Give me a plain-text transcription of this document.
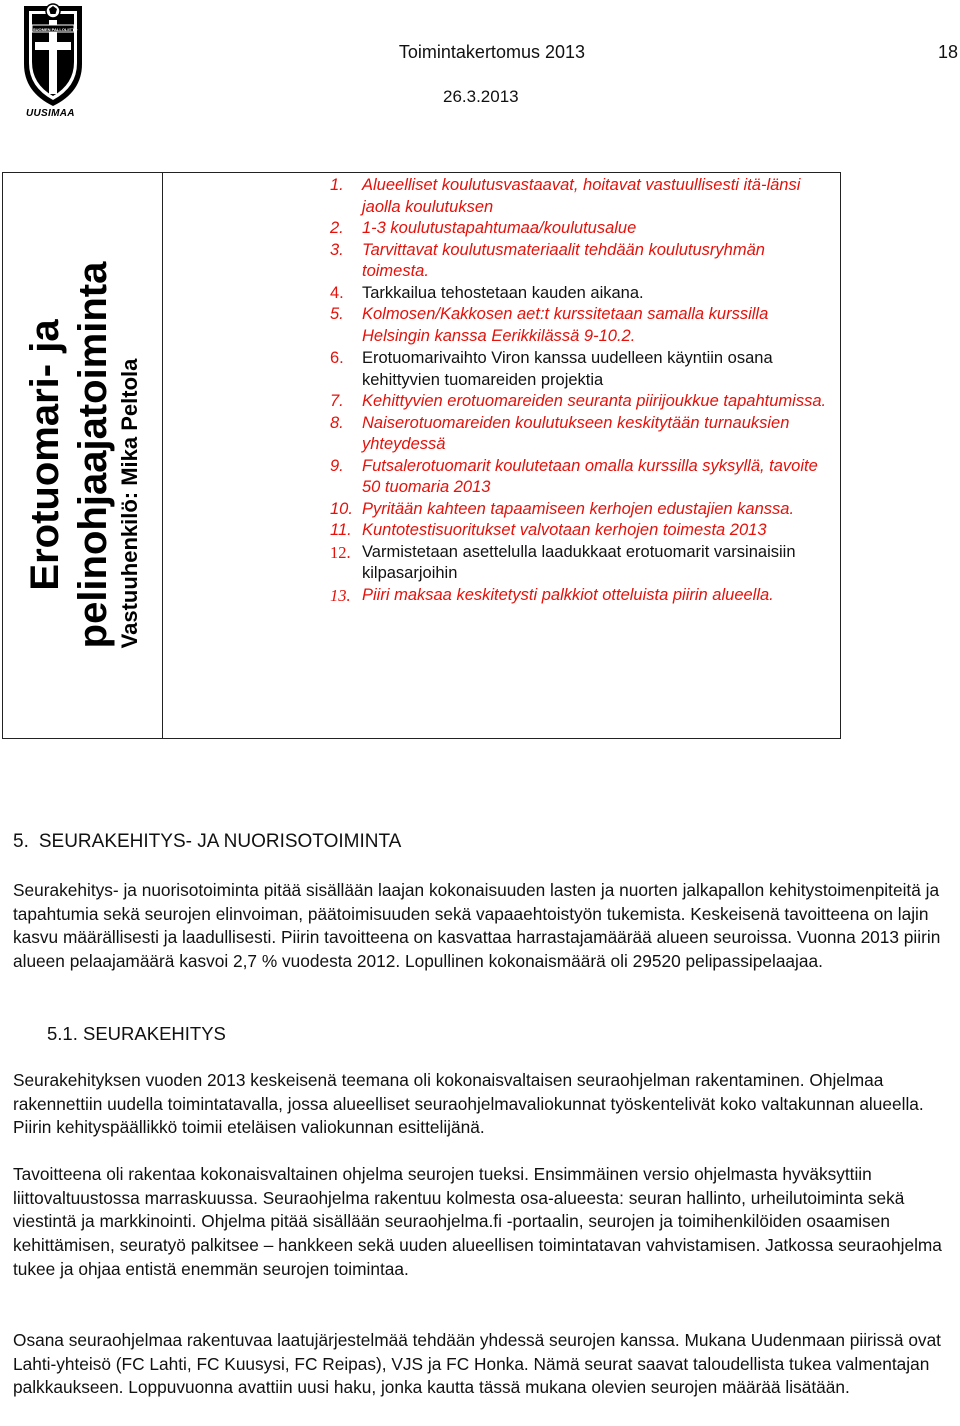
SUOMEN PALLOLIITTO
UUSIMAA
Toimintakertomus 2013	18
26.3.2013
Erotuomari- ja pelinohjaajatoiminta Vastuuhenkilö: Mika Peltola
1. Alueelliset koulutusvastaavat, hoitavat vastuullisesti itä-länsi jaolla koulutuksen
2. 1-3 koulutustapahtumaa/koulutusalue
3. Tarvittavat koulutusmateriaalit tehdään koulutusryhmän toimesta.
4. Tarkkailua tehostetaan kauden aikana.
5. Kolmosen/Kakkosen aet:t kurssitetaan samalla kurssilla Helsingin kanssa Eerikkilässä 9-10.2.
6. Erotuomarivaihto Viron kanssa uudelleen käyntiin osana kehittyvien tuomareiden projektia
7. Kehittyvien erotuomareiden seuranta piirijoukkue tapahtumissa.
8. Naiserotuomareiden koulutukseen keskitytään turnauksien yhteydessä
9. Futsalerotuomarit koulutetaan omalla kurssilla syksyllä, tavoite 50 tuomaria 2013
10. Pyritään kahteen tapaamiseen kerhojen edustajien kanssa.
11. Kuntotestisuoritukset valvotaan kerhojen toimesta 2013
12. Varmistetaan asettelulla laadukkaat erotuomarit varsinaisiin kilpasarjoihin
13. Piiri maksaa keskitetysti palkkiot otteluista piirin alueella.
5. SEURAKEHITYS- JA NUORISOTOIMINTA
Seurakehitys- ja nuorisotoiminta pitää sisällään laajan kokonaisuuden lasten ja nuorten jalkapallon kehitystoimenpiteitä ja tapahtumia sekä seurojen elinvoiman, päätoimisuuden sekä vapaaehtoistyön tukemista. Keskeisenä tavoitteena on lajin kasvu määrällisesti ja laadullisesti. Piirin tavoitteena on kasvattaa harrastajamäärää alueen seuroissa. Vuonna 2013 piirin alueen pelaajamäärä kasvoi 2,7 % vuodesta 2012. Lopullinen kokonaismäärä oli 29520 pelipassipelaajaa.
5.1. SEURAKEHITYS
Seurakehityksen vuoden 2013 keskeisenä teemana oli kokonaisvaltaisen seuraohjelman rakentaminen. Ohjelmaa rakennettiin uudella toimintatavalla, jossa alueelliset seuraohjelmavaliokunnat työskentelivät koko valtakunnan alueella. Piirin kehityspäällikkö toimii eteläisen valiokunnan esittelijänä.
Tavoitteena oli rakentaa kokonaisvaltainen ohjelma seurojen tueksi. Ensimmäinen versio ohjelmasta hyväksyttiin liittovaltuustossa marraskuussa. Seuraohjelma rakentuu kolmesta osa-alueesta: seuran hallinto, urheilutoiminta sekä viestintä ja markkinointi. Ohjelma pitää sisällään seuraohjelma.fi -portaalin, seurojen ja toimihenkilöiden osaamisen kehittämisen, seuratyö palkitsee – hankkeen sekä uuden alueellisen toimintatavan vahvistamisen. Jatkossa seuraohjelma tukee ja ohjaa entistä enemmän seurojen toimintaa.
Osana seuraohjelmaa rakentuvaa laatujärjestelmää tehdään yhdessä seurojen kanssa. Mukana Uudenmaan piirissä ovat Lahti-yhteisö (FC Lahti, FC Kuusysi, FC Reipas), VJS ja FC Honka. Nämä seurat saavat taloudellista tukea valmentajan palkkaukseen. Loppuvuonna avattiin uusi haku, jonka kautta tässä mukana olevien seurojen määrää lisätään.
